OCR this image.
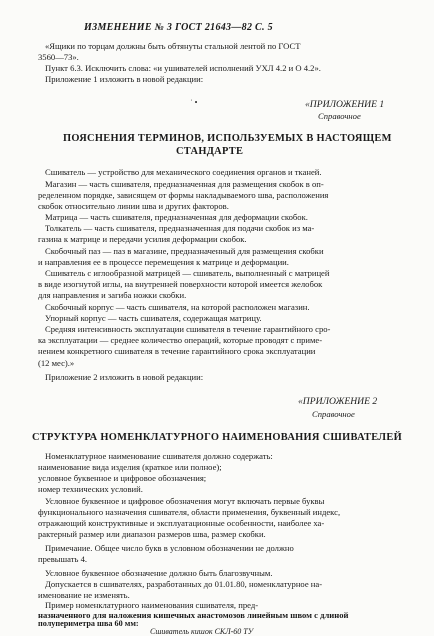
ИЗМЕНЕНИЕ № 3 ГОСТ 21643—82 С. 5
«Ящики по торцам должны быть обтянуты стальной лентой по ГОСТ
3560—73».
Пункт 6.3. Исключить слова: «и ушивателей исполнений УХЛ 4.2 и О 4.2».
Приложение 1 изложить в новой редакции:
˙ •	«ПРИЛОЖЕНИЕ 1
Справочное
ПОЯСНЕНИЯ ТЕРМИНОВ, ИСПОЛЬЗУЕМЫХ В НАСТОЯЩЕМ
СТАНДАРТЕ
Сшиватель — устройство для механического соединения органов и тканей.
Магазин — часть сшивателя, предназначенная для размещения скобок в оп-
ределенном порядке, зависящем от формы накладываемого шва, расположения
скобок относительно линии шва и других факторов.
Матрица — часть сшивателя, предназначенная для деформации скобок.
Толкатель — часть сшивателя, предназначенная для подачи скобок из ма-
газина к матрице и передачи усилия деформации скобок.
Скобочный паз — паз в магазине, предназначенный для размещения скобки
и направления ее в процессе перемещения к матрице и деформации.
Сшиватель с иглообразной матрицей — сшиватель, выполненный с матрицей
в виде изогнутой иглы, на внутренней поверхности которой имеется желобок
для направления и загиба ножки скобки.
Скобочный корпус — часть сшивателя, на которой расположен магазин.
Упорный корпус — часть сшивателя, содержащая матрицу.
Средняя интенсивность эксплуатации сшивателя в течение гарантийного сро-
ка эксплуатации — среднее количество операций, которые проводят с приме-
нением конкретного сшивателя в течение гарантийного срока эксплуатации
(12 мес).»
Приложение 2 изложить в новой редакции:
«ПРИЛОЖЕНИЕ 2
Справочное
СТРУКТУРА НОМЕНКЛАТУРНОГО НАИМЕНОВАНИЯ СШИВАТЕЛЕЙ
Номенклатурное наименование сшивателя должно содержать:
наименование вида изделия (краткое или полное);
условное буквенное и цифровое обозначения;
номер технических условий.
Условное буквенное и цифровое обозначения могут включать первые буквы
функционального назначения сшивателя, области применения, буквенный индекс,
отражающий конструктивные и эксплуатационные особенности, наиболее ха-
рактерный размер или диапазон размеров шва, размер скобки.
Примечание. Общее число букв в условном обозначении не должно
превышать 4.
Условное буквенное обозначение должно быть благозвучным.
Допускается в сшивателях, разработанных до 01.01.80, номенклатурное на-
именование не изменять.
Пример номенклатурного наименования сшивателя, пред-
назначенного для наложения кишечных анастомозов линейным швом с длиной
полуперимeтра шва 60 мм:
Сшиватель кишок СКЛ-60 ТУ
